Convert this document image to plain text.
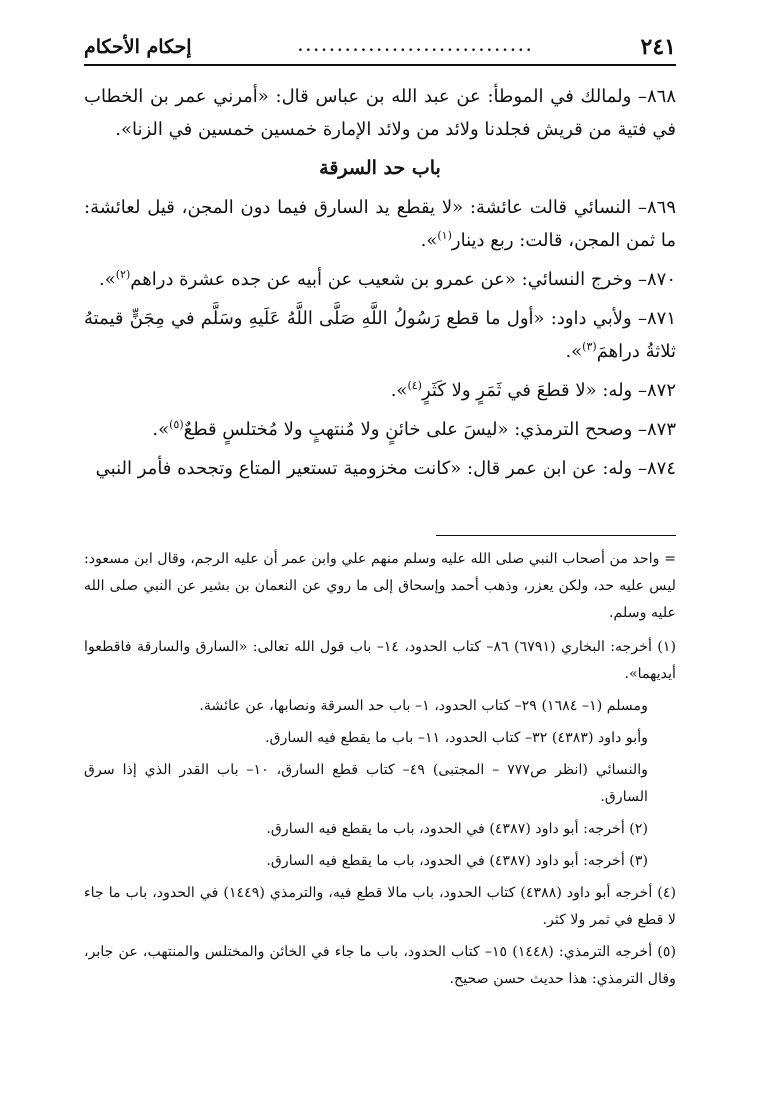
٢٤١
..............................
إحكام الأحكام

٨٦٨– ولمالك في الموطأ: عن عبد الله بن عباس قال: «أمرني عمر بن الخطاب في فتية من قريش فجلدنا ولائد من ولائد الإمارة خمسين خمسين في الزنا».

باب حد السرقة

٨٦٩– النسائي قالت عائشة: «لا يقطع يد السارق فيما دون المجن، قيل لعائشة: ما ثمن المجن، قالت: ربع دينار$^{(١)}$».

٨٧٠– وخرج النسائي: «عن عمرو بن شعيب عن أبيه عن جده عشرة دراهم$^{(٢)}$».

٨٧١– ولأبي داود: «أول ما قطع رَسُولُ اللَّهِ صَلَّى اللَّهُ عَلَيهِ وسَلَّم في مِجَنٍّ قيمتهُ ثلاثةُ دراهمَ$^{(٣)}$».

٨٧٢– وله: «لا قطعَ في ثَمَرٍ ولا كَثَرٍ$^{(٤)}$».

٨٧٣– وصحح الترمذي: «ليسَ على خائنٍ ولا مُنتهبٍ ولا مُختلسٍ قطعٌ$^{(٥)}$».

٨٧٤– وله: عن ابن عمر قال: «كانت مخزومية تستعير المتاع وتجحده فأمر النبي

= واحد من أصحاب النبي صلى الله عليه وسلم منهم علي وابن عمر أن عليه الرجم، وقال ابن مسعود: ليس عليه حد، ولكن يعزر، وذهب أحمد وإسحاق إلى ما روي عن النعمان بن بشير عن النبي صلى الله عليه وسلم.

(١) أخرجه: البخاري (٦٧٩١) ٨٦– كتاب الحدود، ١٤– باب قول الله تعالى: «السارق والسارقة فاقطعوا أيديهما».

ومسلم (١– ١٦٨٤) ٢٩– كتاب الحدود، ١– باب حد السرقة ونصابها، عن عائشة.

وأبو داود (٤٣٨٣) ٣٢– كتاب الحدود، ١١– باب ما يقطع فيه السارق.

والنسائي (انظر ص٧٧٧ – المجتبى) ٤٩– كتاب قطع السارق، ١٠– باب القدر الذي إذا سرق السارق.

(٢) أخرجه: أبو داود (٤٣٨٧) في الحدود، باب ما يقطع فيه السارق.

(٣) أخرجه: أبو داود (٤٣٨٧) في الحدود، باب ما يقطع فيه السارق.

(٤) أخرجه أبو داود (٤٣٨٨) كتاب الحدود، باب مالا قطع فيه، والترمذي (١٤٤٩) في الحدود، باب ما جاء لا قطع في ثمر ولا كثر.

(٥) أخرجه الترمذي: (١٤٤٨) ١٥– كتاب الحدود، باب ما جاء في الخائن والمختلس والمنتهب، عن جابر، وقال الترمذي: هذا حديث حسن صحيح.
